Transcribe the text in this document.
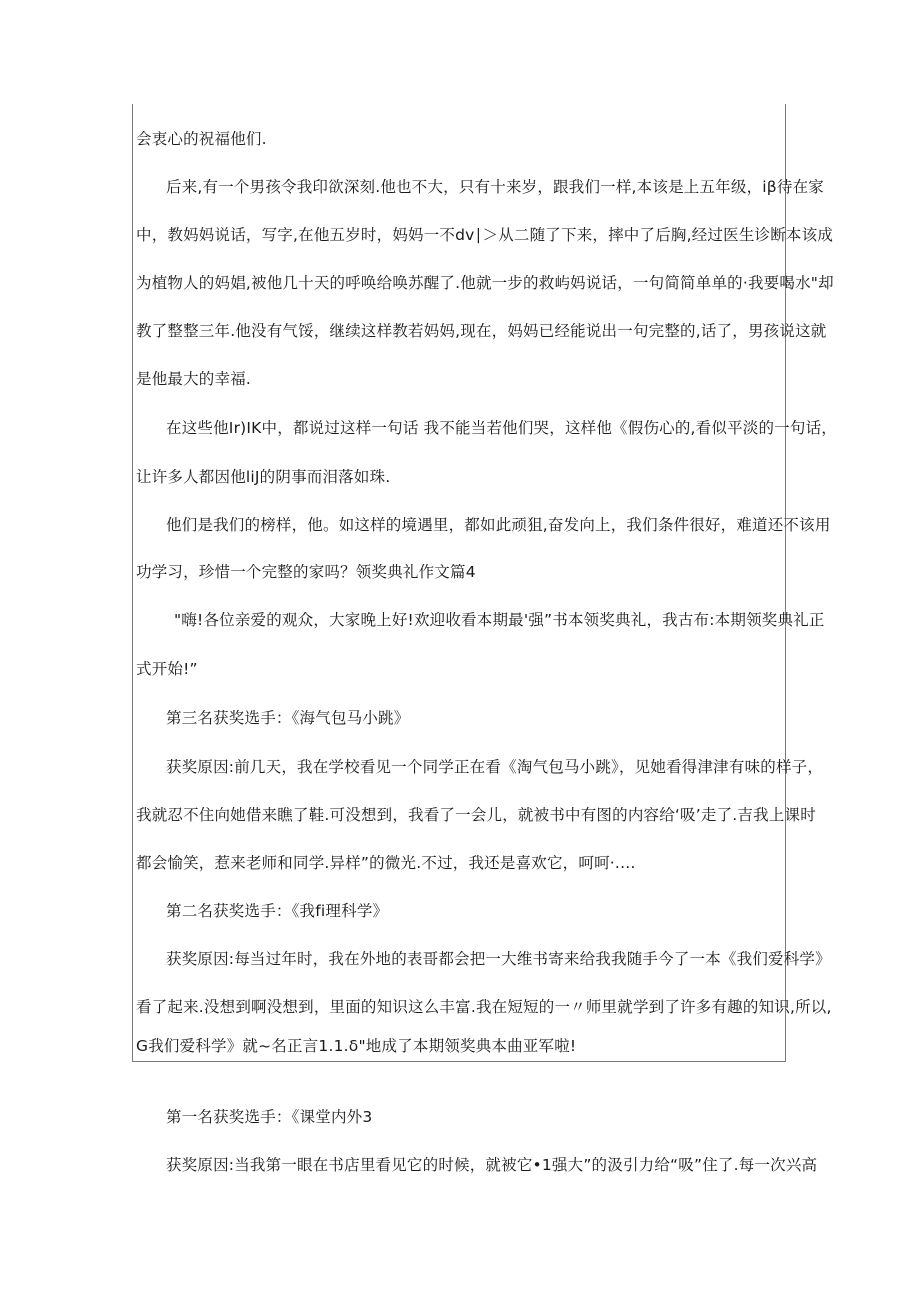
会衷心的祝福他们.
后来,有一个男孩令我印欲深刻.他也不大，只有十来岁，跟我们一样,本该是上五年级，iβ待在家
中，教妈妈说话，写字,在他五岁时，妈妈一不dv∣＞从二随了下来，摔中了后胸,经过医生诊断本该成
为植物人的妈娼,被他几十天的呼唤给唤苏醒了.他就一步的救屿妈说话，一句简简单单的·我要喝水"却
教了整整三年.他没有气馁，继续这样教若妈妈,现在，妈妈已经能说出一句完整的,话了，男孩说这就
是他最大的幸福.
在这些他Ir)IK中，都说过这样一句话 我不能当若他们哭，这样他《假伤心的,看似平淡的一句话，
让许多人都因他liJ的阴事而泪落如珠.
他们是我们的榜样，他。如这样的境遇里，都如此顽狙,奋发向上，我们条件很好，难道还不该用
功学习，珍惜一个完整的家吗？领奖典礼作文篇4
"嗨!各位亲爱的观众，大家晚上好!欢迎收看本期最'强”书本领奖典礼，我古布:本期领奖典礼正
式开始!”
第三名获奖选手：《海气包马小跳》
获奖原因:前几天，我在学校看见一个同学正在看《淘气包马小跳》，见她看得津津有味的样子，
我就忍不住向她借来瞧了鞋.可没想到，我看了一会儿，就被书中有图的内容给‘吸’走了.吉我上课时
都会愉笑，惹来老师和同学.异样”的微光.不过，我还是喜欢它，呵呵·.…
第二名获奖选手：《我fi理科学》
获奖原因:每当过年时，我在外地的表哥都会把一大维书寄来给我我随手今了一本《我们爱科学》
看了起来.没想到啊没想到，里面的知识这么丰富.我在短短的一〃师里就学到了许多有趣的知识,所以,
G我们爱科学》就~名正言1.1.δ"地成了本期领奖典本曲亚军啦!
第一名获奖选手：《课堂内外3
获奖原因:当我第一眼在书店里看见它的时候，就被它•1强大”的汲引力给“吸”住了.每一次兴高
